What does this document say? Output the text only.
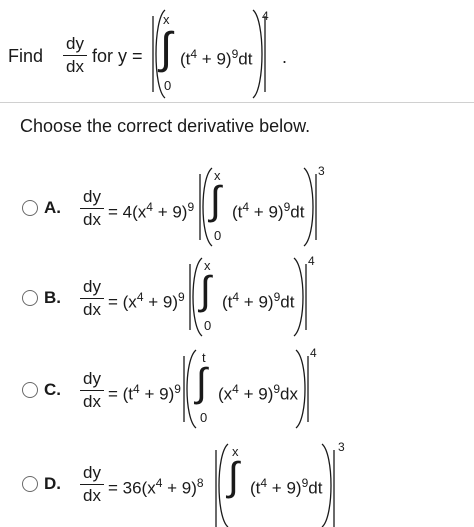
Find
dy
dx
for y =
x
∫
0
$(t^4 + 9)^9dt$
4
.
Choose the correct derivative below.
A.
dy
dx = $4(x^4 + 9)^9$
x
∫
0
$(t^4 + 9)^9dt$
3
B.
dy
dx = $(x^4 + 9)^9$
x
∫
0
$(t^4 + 9)^9dt$
4
C.
dy
dx = $(t^4 + 9)^9$
t
∫
0
$(x^4 + 9)^9dx$
4
D.
dy
dx = $36(x^4 + 9)^8$
x
∫ $(t^4 + 9)^9dt$
3
